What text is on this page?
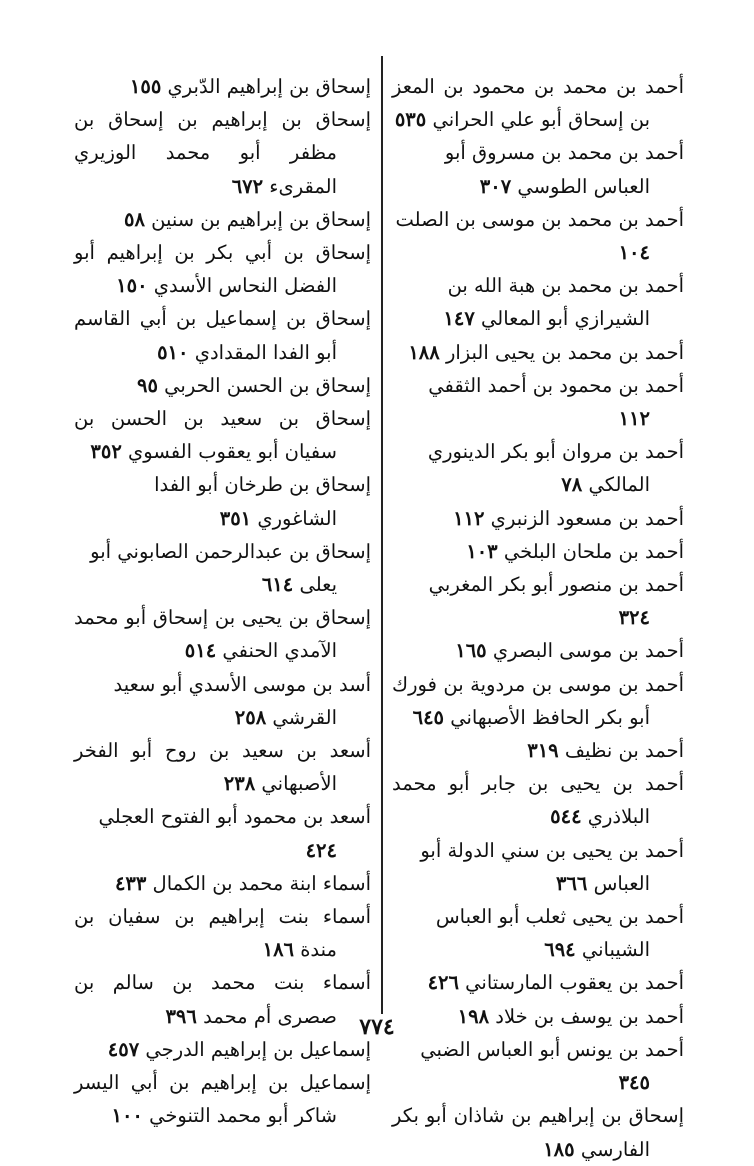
أحمد بن محمد بن محمود بن المعز بن إسحاق أبو علي الحراني ٥٣٥

أحمد بن محمد بن مسروق أبو العباس الطوسي ٣٠٧

أحمد بن محمد بن موسى بن الصلت ١٠٤

أحمد بن محمد بن هبة الله بن الشيرازي أبو المعالي ١٤٧

أحمد بن محمد بن يحيى البزار ١٨٨

أحمد بن محمود بن أحمد الثقفي ١١٢

أحمد بن مروان أبو بكر الدينوري المالكي ٧٨

أحمد بن مسعود الزنبري ١١٢

أحمد بن ملحان البلخي ١٠٣

أحمد بن منصور أبو بكر المغربي ٣٢٤

أحمد بن موسى البصري ١٦٥

أحمد بن موسى بن مردوية بن فورك أبو بكر الحافظ الأصبهاني ٦٤٥

أحمد بن نظيف ٣١٩

أحمد بن يحيى بن جابر أبو محمد البلاذري ٥٤٤

أحمد بن يحيى بن سني الدولة أبو العباس ٣٦٦

أحمد بن يحيى ثعلب أبو العباس الشيباني ٦٩٤

أحمد بن يعقوب المارستاني ٤٢٦

أحمد بن يوسف بن خلاد ١٩٨

أحمد بن يونس أبو العباس الضبي ٣٤٥

إسحاق بن إبراهيم بن شاذان أبو بكر الفارسي ١٨٥

إسحاق بن إبراهيم الدّبري ١٥٥

إسحاق بن إبراهيم بن إسحاق بن مظفر أبو محمد الوزيري المقرىء ٦٧٢

إسحاق بن إبراهيم بن سنين ٥٨

إسحاق بن أبي بكر بن إبراهيم أبو الفضل النحاس الأسدي ١٥٠

إسحاق بن إسماعيل بن أبي القاسم أبو الفدا المقدادي ٥١٠

إسحاق بن الحسن الحربي ٩٥

إسحاق بن سعيد بن الحسن بن سفيان أبو يعقوب الفسوي ٣٥٢

إسحاق بن طرخان أبو الفدا الشاغوري ٣٥١

إسحاق بن عبدالرحمن الصابوني أبو يعلى ٦١٤

إسحاق بن يحيى بن إسحاق أبو محمد الآمدي الحنفي ٥١٤

أسد بن موسى الأسدي أبو سعيد القرشي ٢٥٨

أسعد بن سعيد بن روح أبو الفخر الأصبهاني ٢٣٨

أسعد بن محمود أبو الفتوح العجلي ٤٢٤

أسماء ابنة محمد بن الكمال ٤٣٣

أسماء بنت إبراهيم بن سفيان بن مندة ١٨٦

أسماء بنت محمد بن سالم بن صصرى أم محمد ٣٩٦

إسماعيل بن إبراهيم الدرجي ٤٥٧

إسماعيل بن إبراهيم بن أبي اليسر شاكر أبو محمد التنوخي ١٠٠

٧٧٤
